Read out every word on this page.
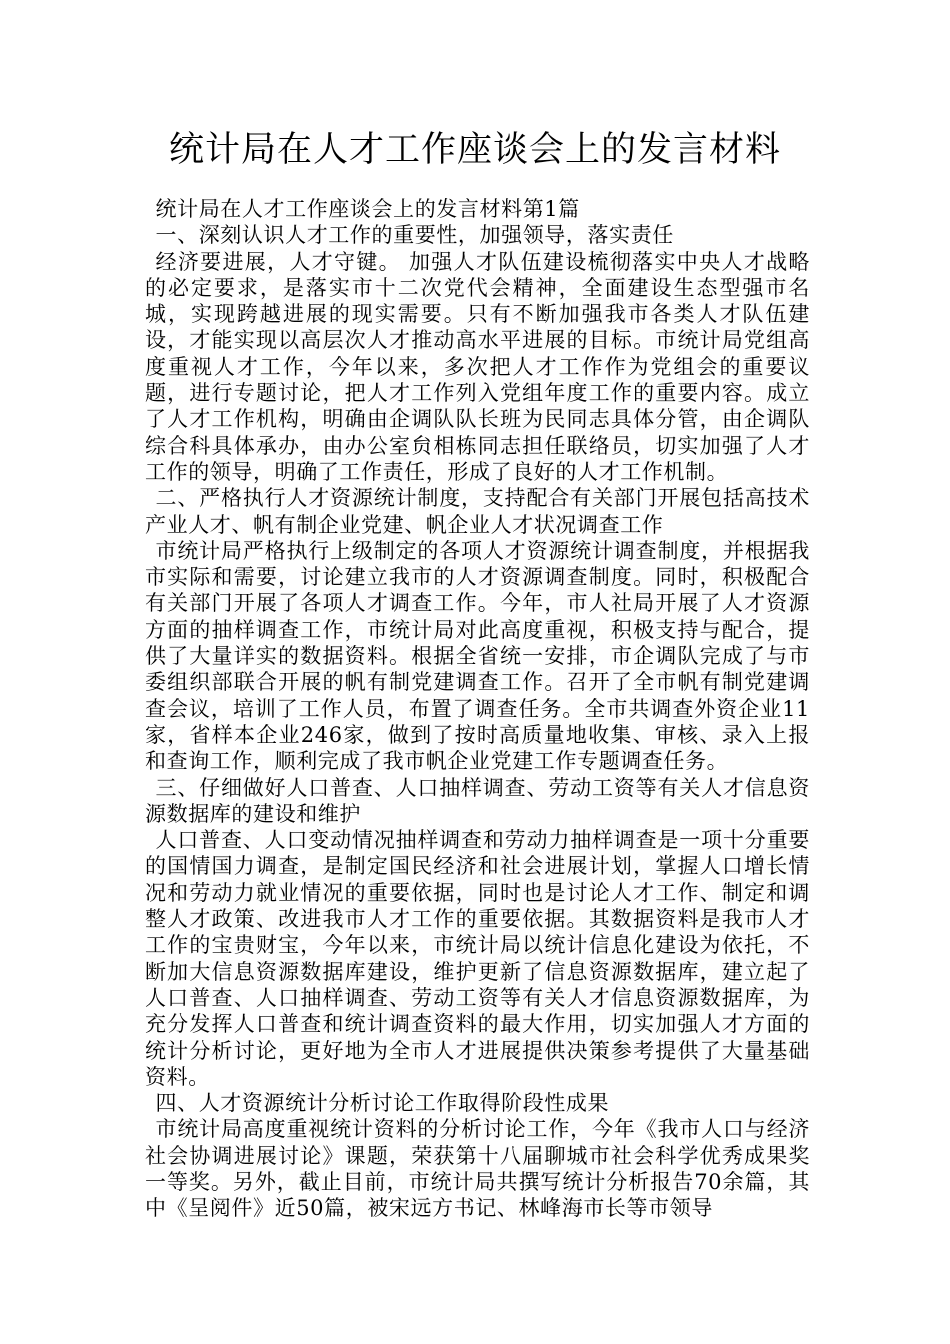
统计局在人才工作座谈会上的发言材料

统计局在人才工作座谈会上的发言材料第1篇

一、深刻认识人才工作的重要性，加强领导，落实责任

经济要进展，人才守键。 加强人才队伍建设梳彻落实中央人才战略的必定要求，是落实市十二次党代会精神，全面建设生态型强市名城，实现跨越进展的现实需要。只有不断加强我市各类人才队伍建设，才能实现以高层次人才推动高水平进展的目标。市统计局党组高度重视人才工作，今年以来，多次把人才工作作为党组会的重要议题，进行专题讨论，把人才工作列入党组年度工作的重要内容。成立了人才工作机构，明确由企调队队长班为民同志具体分管，由企调队综合科具体承办，由办公室贠相栋同志担任联络员，切实加强了人才工作的领导，明确了工作责任，形成了良好的人才工作机制。

二、严格执行人才资源统计制度，支持配合有关部门开展包括高技术产业人才、帆有制企业党建、帆企业人才状况调查工作

市统计局严格执行上级制定的各项人才资源统计调查制度，并根据我市实际和需要，讨论建立我市的人才资源调查制度。同时，积极配合有关部门开展了各项人才调查工作。今年，市人社局开展了人才资源方面的抽样调查工作，市统计局对此高度重视，积极支持与配合，提供了大量详实的数据资料。根据全省统一安排，市企调队完成了与市委组织部联合开展的帆有制党建调查工作。召开了全市帆有制党建调查会议，培训了工作人员，布置了调查任务。全市共调查外资企业11家，省样本企业246家，做到了按时高质量地收集、审核、录入上报和查询工作，顺利完成了我市帆企业党建工作专题调查任务。

三、仔细做好人口普查、人口抽样调查、劳动工资等有关人才信息资源数据库的建设和维护

人口普查、人口变动情况抽样调查和劳动力抽样调查是一项十分重要的国情国力调查，是制定国民经济和社会进展计划，掌握人口增长情况和劳动力就业情况的重要依据，同时也是讨论人才工作、制定和调整人才政策、改进我市人才工作的重要依据。其数据资料是我市人才工作的宝贵财宝，今年以来，市统计局以统计信息化建设为依托，不断加大信息资源数据库建设，维护更新了信息资源数据库，建立起了人口普查、人口抽样调查、劳动工资等有关人才信息资源数据库，为充分发挥人口普查和统计调查资料的最大作用，切实加强人才方面的统计分析讨论，更好地为全市人才进展提供决策参考提供了大量基础资料。

四、人才资源统计分析讨论工作取得阶段性成果

市统计局高度重视统计资料的分析讨论工作，今年《我市人口与经济社会协调进展讨论》课题，荣获第十八届聊城市社会科学优秀成果奖一等奖。另外，截止目前，市统计局共撰写统计分析报告70余篇，其中《呈阅件》近50篇，被宋远方书记、林峰海市长等市领导
